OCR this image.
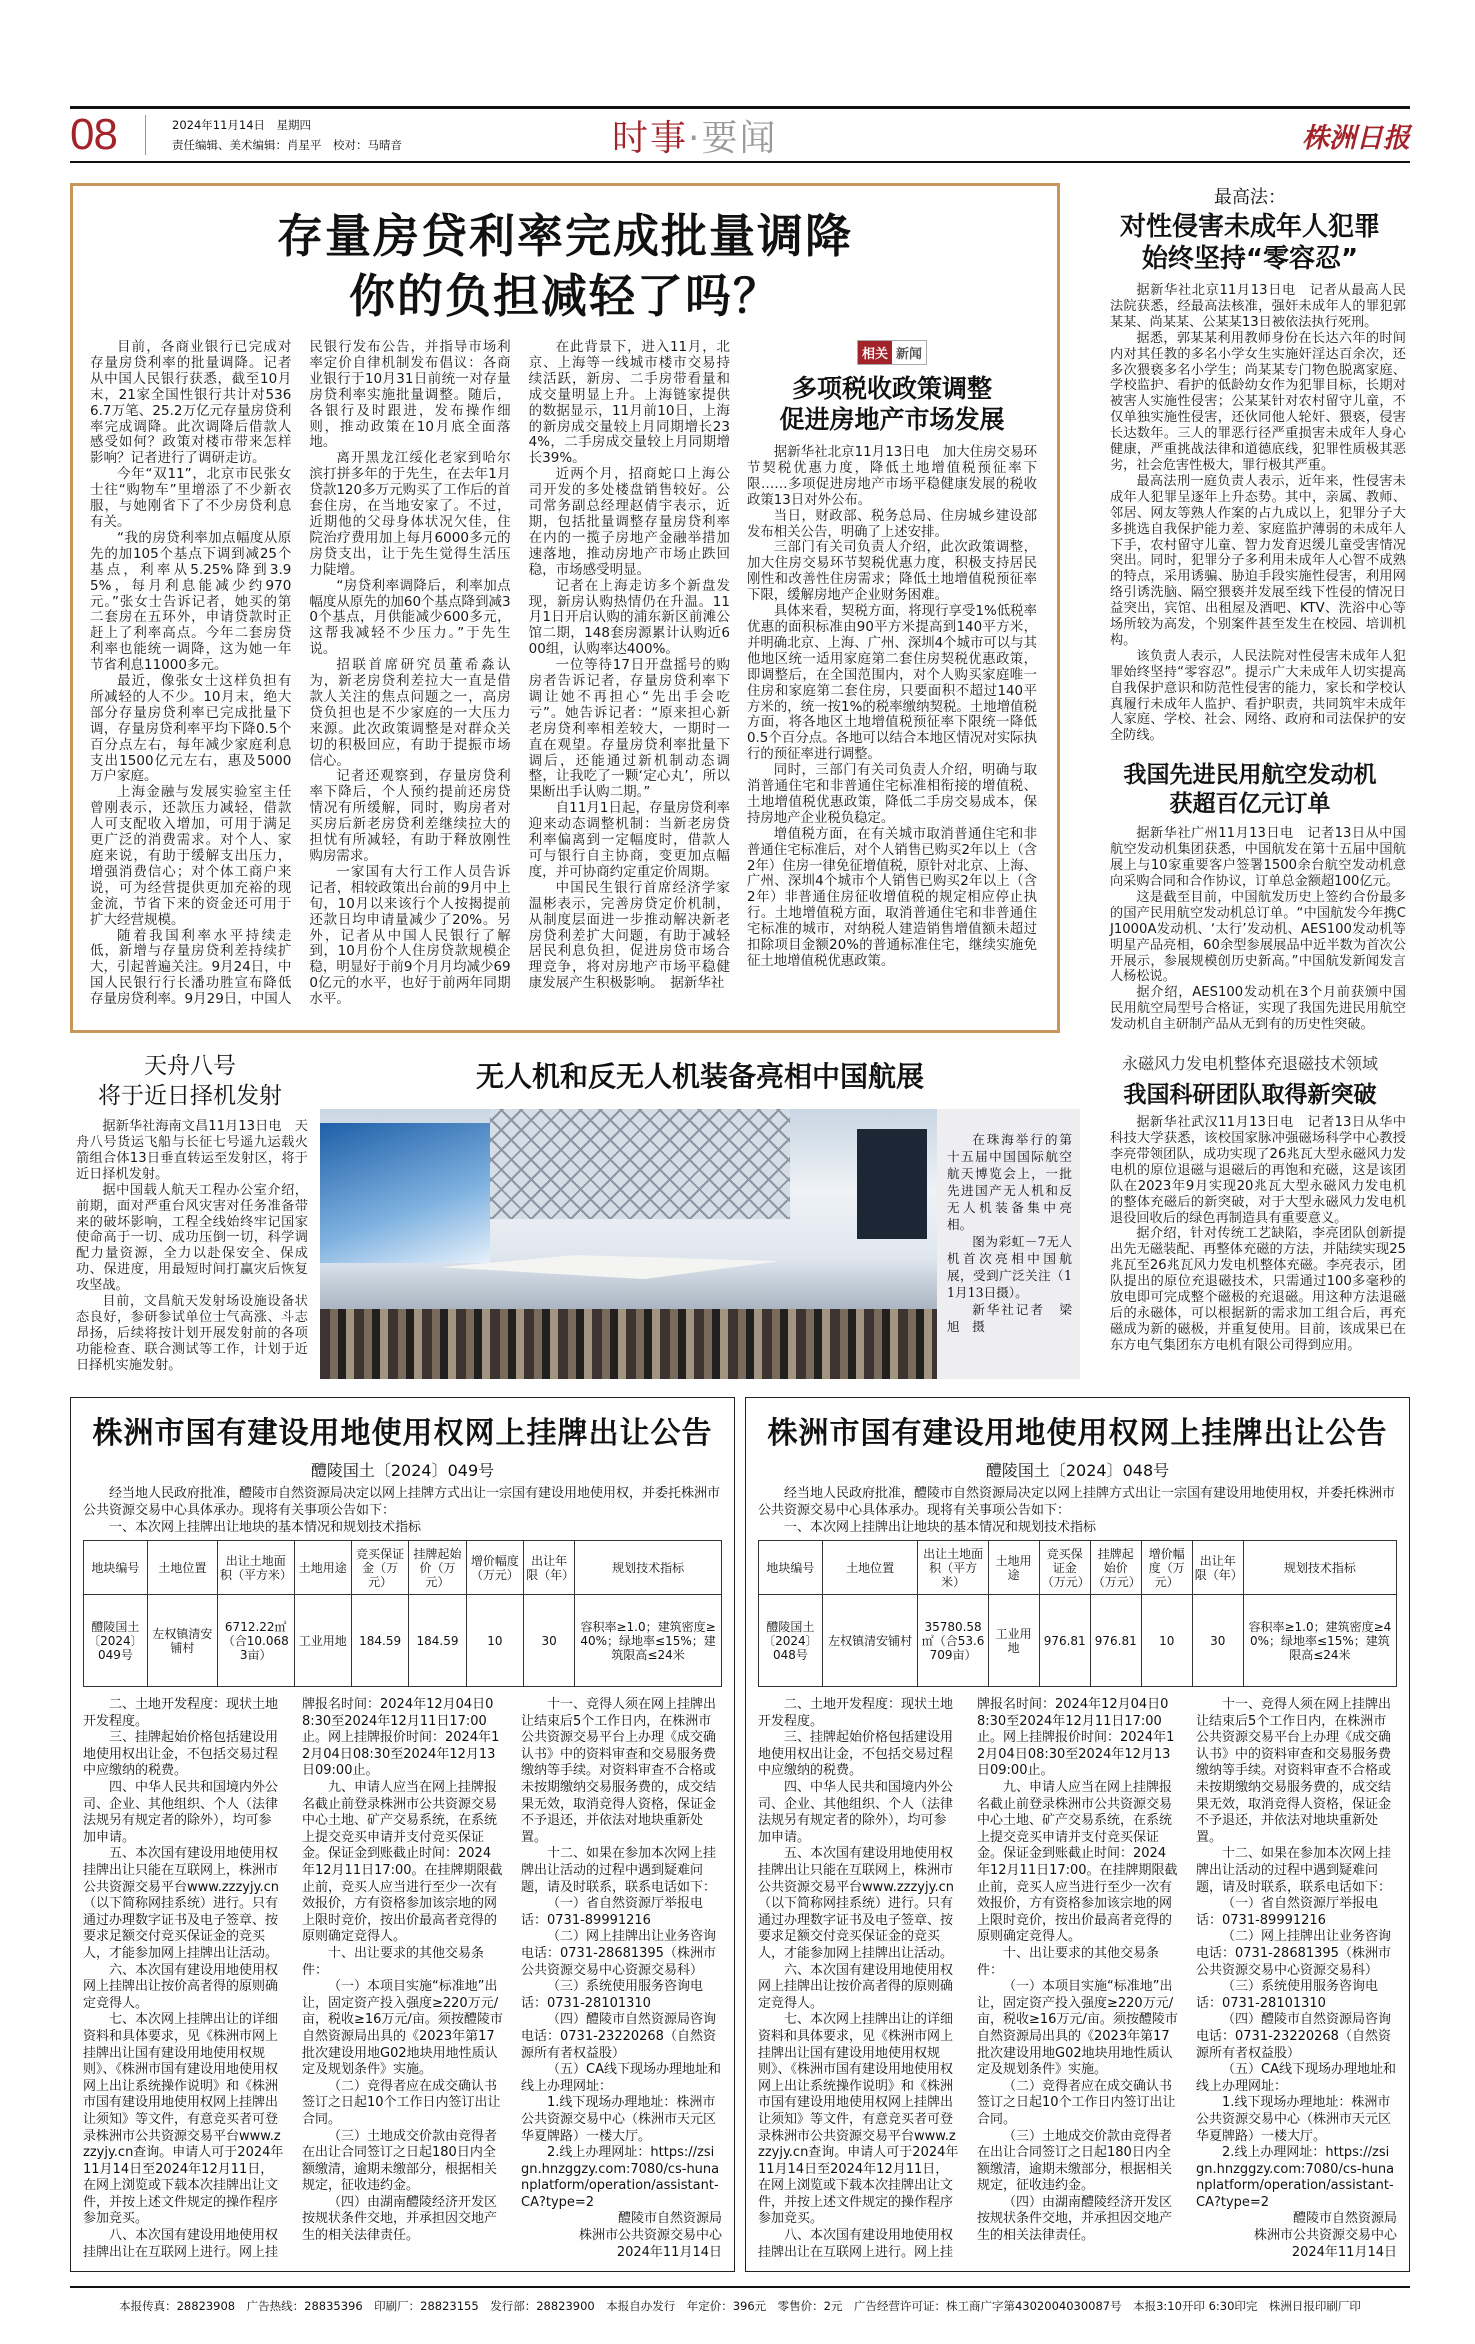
08	2024年11月14日　星期四
责任编辑、美术编辑：肖星平　校对：马晴音	时事·要闻	株洲日报
存量房贷利率完成批量调降
你的负担减轻了吗？

目前，各商业银行已完成对存量房贷利率的批量调降。记者从中国人民银行获悉，截至10月末，21家全国性银行共计对5366.7万笔、25.2万亿元存量房贷利率完成调降。此次调降后借款人感受如何？政策对楼市带来怎样影响？记者进行了调研走访。

今年“双11”，北京市民张女士往“购物车”里增添了不少新衣服，与她刚省下了不少房贷利息有关。

“我的房贷利率加点幅度从原先的加105个基点下调到减25个基点，利率从5.25%降到3.95%，每月利息能减少约970元。”张女士告诉记者，她买的第二套房在五环外，申请贷款时正赶上了利率高点。今年二套房贷利率也能统一调降，这为她一年节省利息11000多元。

最近，像张女士这样负担有所减轻的人不少。10月末，绝大部分存量房贷利率已完成批量下调，存量房贷利率平均下降0.5个百分点左右，每年减少家庭利息支出1500亿元左右，惠及5000万户家庭。

上海金融与发展实验室主任曾刚表示，还款压力减轻，借款人可支配收入增加，可用于满足更广泛的消费需求。对个人、家庭来说，有助于缓解支出压力，增强消费信心；对个体工商户来说，可为经营提供更加充裕的现金流，节省下来的资金还可用于扩大经营规模。

随着我国利率水平持续走低，新增与存量房贷利差持续扩大，引起普遍关注。9月24日，中国人民银行行长潘功胜宣布降低存量房贷利率。9月29日，中国人民银行发布公告，并指导市场利率定价自律机制发布倡议：各商业银行于10月31日前统一对存量房贷利率实施批量调整。随后，各银行及时跟进，发布操作细则，推动政策在10月底全面落地。

离开黑龙江绥化老家到哈尔滨打拼多年的于先生，在去年1月贷款120多万元购买了工作后的首套住房，在当地安家了。不过，近期他的父母身体状况欠佳，住院治疗费用加上每月6000多元的房贷支出，让于先生觉得生活压力陡增。

“房贷利率调降后，利率加点幅度从原先的加60个基点降到减30个基点，月供能减少600多元，这帮我减轻不少压力。”于先生说。

招联首席研究员董希淼认为，新老房贷利差拉大一直是借款人关注的焦点问题之一，高房贷负担也是不少家庭的一大压力来源。此次政策调整是对群众关切的积极回应，有助于提振市场信心。

记者还观察到，存量房贷利率下降后，个人预约提前还房贷情况有所缓解，同时，购房者对买房后新老房贷利差继续拉大的担忧有所减轻，有助于释放刚性购房需求。

一家国有大行工作人员告诉记者，相较政策出台前的9月中上旬，10月以来该行个人按揭提前还款日均申请量减少了20%。另外，记者从中国人民银行了解到，10月份个人住房贷款规模企稳，明显好于前9个月月均减少690亿元的水平，也好于前两年同期水平。

在此背景下，进入11月，北京、上海等一线城市楼市交易持续活跃，新房、二手房带看量和成交量明显上升。上海链家提供的数据显示，11月前10日，上海的新房成交量较上月同期增长234%，二手房成交量较上月同期增长39%。

近两个月，招商蛇口上海公司开发的多处楼盘销售较好。公司常务副总经理赵倩宇表示，近期，包括批量调整存量房贷利率在内的一揽子房地产金融举措加速落地，推动房地产市场止跌回稳，市场感受明显。

记者在上海走访多个新盘发现，新房认购热情仍在升温。11月1日开启认购的浦东新区前滩公馆二期，148套房源累计认购近600组，认购率达400%。

一位等待17日开盘摇号的购房者告诉记者，存量房贷利率下调让她不再担心“先出手会吃亏”。她告诉记者：“原来担心新老房贷利率相差较大，一期时一直在观望。存量房贷利率批量下调后，还能通过新机制动态调整，让我吃了一颗‘定心丸’，所以果断出手认购二期。”

自11月1日起，存量房贷利率迎来动态调整机制：当新老房贷利率偏离到一定幅度时，借款人可与银行自主协商，变更加点幅度，并可协商约定重定价周期。

中国民生银行首席经济学家温彬表示，完善房贷定价机制，从制度层面进一步推动解决新老房贷利差扩大问题，有助于减轻居民利息负担，促进房贷市场合理竞争，将对房地产市场平稳健康发展产生积极影响。　据新华社

相关 新闻
多项税收政策调整
促进房地产市场发展

据新华社北京11月13日电　加大住房交易环节契税优惠力度，降低土地增值税预征率下限……多项促进房地产市场平稳健康发展的税收政策13日对外公布。

当日，财政部、税务总局、住房城乡建设部发布相关公告，明确了上述安排。

三部门有关司负责人介绍，此次政策调整，加大住房交易环节契税优惠力度，积极支持居民刚性和改善性住房需求；降低土地增值税预征率下限，缓解房地产企业财务困难。

具体来看，契税方面，将现行享受1%低税率优惠的面积标准由90平方米提高到140平方米，并明确北京、上海、广州、深圳4个城市可以与其他地区统一适用家庭第二套住房契税优惠政策，即调整后，在全国范围内，对个人购买家庭唯一住房和家庭第二套住房，只要面积不超过140平方米的，统一按1%的税率缴纳契税。土地增值税方面，将各地区土地增值税预征率下限统一降低0.5个百分点。各地可以结合本地区情况对实际执行的预征率进行调整。

同时，三部门有关司负责人介绍，明确与取消普通住宅和非普通住宅标准相衔接的增值税、土地增值税优惠政策，降低二手房交易成本，保持房地产企业税负稳定。

增值税方面，在有关城市取消普通住宅和非普通住宅标准后，对个人销售已购买2年以上（含2年）住房一律免征增值税，原针对北京、上海、广州、深圳4个城市个人销售已购买2年以上（含2年）非普通住房征收增值税的规定相应停止执行。土地增值税方面，取消普通住宅和非普通住宅标准的城市，对纳税人建造销售增值额未超过扣除项目金额20%的普通标准住宅，继续实施免征土地增值税优惠政策。

最高法：
对性侵害未成年人犯罪
始终坚持“零容忍”

据新华社北京11月13日电　记者从最高人民法院获悉，经最高法核准，强奸未成年人的罪犯郭某某、尚某某、公某某13日被依法执行死刑。

据悉，郭某某利用教师身份在长达六年的时间内对其任教的多名小学女生实施奸淫达百余次，还多次猥亵多名小学生；尚某某专门物色脱离家庭、学校监护、看护的低龄幼女作为犯罪目标，长期对被害人实施性侵害；公某某针对农村留守儿童，不仅单独实施性侵害，还伙同他人轮奸、猥亵，侵害长达数年。三人的罪恶行径严重损害未成年人身心健康，严重挑战法律和道德底线，犯罪性质极其恶劣，社会危害性极大，罪行极其严重。

最高法刑一庭负责人表示，近年来，性侵害未成年人犯罪呈逐年上升态势。其中，亲属、教师、邻居、网友等熟人作案的占九成以上，犯罪分子大多挑选自我保护能力差、家庭监护薄弱的未成年人下手，农村留守儿童、智力发育迟缓儿童受害情况突出。同时，犯罪分子多利用未成年人心智不成熟的特点，采用诱骗、胁迫手段实施性侵害，利用网络引诱洗脑、隔空猥亵并发展至线下性侵的情况日益突出，宾馆、出租屋及酒吧、KTV、洗浴中心等场所较为高发，个别案件甚至发生在校园、培训机构。

该负责人表示，人民法院对性侵害未成年人犯罪始终坚持“零容忍”。提示广大未成年人切实提高自我保护意识和防范性侵害的能力，家长和学校认真履行未成年人监护、看护职责，共同筑牢未成年人家庭、学校、社会、网络、政府和司法保护的安全防线。

我国先进民用航空发动机
获超百亿元订单

据新华社广州11月13日电　记者13日从中国航空发动机集团获悉，中国航发在第十五届中国航展上与10家重要客户签署1500余台航空发动机意向采购合同和合作协议，订单总金额超100亿元。

这是截至目前，中国航发历史上签约合份最多的国产民用航空发动机总订单。“中国航发今年携CJ1000A发动机、‘太行’发动机、AES100发动机等明星产品亮相，60余型参展展品中近半数为首次公开展示，参展规模创历史新高。”中国航发新闻发言人杨松说。

据介绍，AES100发动机在3个月前获颁中国民用航空局型号合格证，实现了我国先进民用航空发动机自主研制产品从无到有的历史性突破。

天舟八号
将于近日择机发射

据新华社海南文昌11月13日电　天舟八号货运飞船与长征七号遥九运载火箭组合体13日垂直转运至发射区，将于近日择机发射。

据中国载人航天工程办公室介绍，前期，面对严重台风灾害对任务准备带来的破坏影响，工程全线始终牢记国家使命高于一切、成功压倒一切，科学调配力量资源，全力以赴保安全、保成功、保进度，用最短时间打赢灾后恢复攻坚战。

目前，文昌航天发射场设施设备状态良好，参研参试单位士气高涨、斗志昂扬，后续将按计划开展发射前的各项功能检查、联合测试等工作，计划于近日择机实施发射。

无人机和反无人机装备亮相中国航展

在珠海举行的第十五届中国国际航空航天博览会上，一批先进国产无人机和反无人机装备集中亮相。

图为彩虹－7无人机首次亮相中国航展，受到广泛关注（11月13日摄）。

新华社记者　梁旭　摄

永磁风力发电机整体充退磁技术领域
我国科研团队取得新突破

据新华社武汉11月13日电　记者13日从华中科技大学获悉，该校国家脉冲强磁场科学中心教授李亮带领团队，成功实现了26兆瓦大型永磁风力发电机的原位退磁与退磁后的再饱和充磁，这是该团队在2023年9月实现20兆瓦大型永磁风力发电机的整体充磁后的新突破，对于大型永磁风力发电机退役回收后的绿色再制造具有重要意义。

据介绍，针对传统工艺缺陷，李亮团队创新提出先无磁装配、再整体充磁的方法，并陆续实现25兆瓦至26兆瓦风力发电机整体充磁。李亮表示，团队提出的原位充退磁技术，只需通过100多毫秒的放电即可完成整个磁极的充退磁。用这种方法退磁后的永磁体，可以根据新的需求加工组合后，再充磁成为新的磁极，并重复使用。目前，该成果已在东方电气集团东方电机有限公司得到应用。

株洲市国有建设用地使用权网上挂牌出让公告
醴陵国土〔2024〕049号

经当地人民政府批准，醴陵市自然资源局决定以网上挂牌方式出让一宗国有建设用地使用权，并委托株洲市公共资源交易中心具体承办。现将有关事项公告如下：

一、本次网上挂牌出让地块的基本情况和规划技术指标

地块编号	土地位置	出让土地面积（平方米）	土地用途	竞买保证金（万元）	挂牌起始价（万元）	增价幅度（万元）	出让年限（年）	规划技术指标
醴陵国土〔2024〕049号	左权镇清安铺村	6712.22㎡（合10.0683亩）	工业用地	184.59	184.59	10	30	容积率≥1.0；建筑密度≥40%；绿地率≤15%；建筑限高≤24米

二、土地开发程度：现状土地开发程度。

三、挂牌起始价格包括建设用地使用权出让金，不包括交易过程中应缴纳的税费。

四、中华人民共和国境内外公司、企业、其他组织、个人（法律法规另有规定者的除外），均可参加申请。

五、本次国有建设用地使用权挂牌出让只能在互联网上，株洲市公共资源交易平台www.zzzyjy.cn（以下简称网挂系统）进行。只有通过办理数字证书及电子签章、按要求足额交付竞买保证金的竞买人，才能参加网上挂牌出让活动。

六、本次国有建设用地使用权网上挂牌出让按价高者得的原则确定竞得人。

七、本次网上挂牌出让的详细资料和具体要求，见《株洲市网上挂牌出让国有建设用地使用权规则》、《株洲市国有建设用地使用权网上出让系统操作说明》和《株洲市国有建设用地使用权网上挂牌出让须知》等文件，有意竞买者可登录株洲市公共资源交易平台www.zzzyjy.cn查询。申请人可于2024年11月14日至2024年12月11日，在网上浏览或下载本次挂牌出让文件，并按上述文件规定的操作程序参加竞买。

八、本次国有建设用地使用权挂牌出让在互联网上进行。网上挂牌报名时间：2024年12月04日08:30至2024年12月11日17:00止。网上挂牌报价时间：2024年12月04日08:30至2024年12月13日09:00止。

九、申请人应当在网上挂牌报名截止前登录株洲市公共资源交易中心土地、矿产交易系统，在系统上提交竞买申请并支付竞买保证金。保证金到账截止时间：2024年12月11日17:00。在挂牌期限截止前，竞买人应当进行至少一次有效报价，方有资格参加该宗地的网上限时竞价，按出价最高者竞得的原则确定竞得人。

十、出让要求的其他交易条件：

（一）本项目实施“标准地”出让，固定资产投入强度≥220万元/亩，税收≥16万元/亩。须按醴陵市自然资源局出具的《2023年第17批次建设用地G02地块用地性质认定及规划条件》实施。

（二）竞得者应在成交确认书签订之日起10个工作日内签订出让合同。

（三）土地成交价款由竞得者在出让合同签订之日起180日内全额缴清，逾期未缴部分，根据相关规定，征收违约金。

（四）由湖南醴陵经济开发区按规状条件交地，并承担因交地产生的相关法律责任。

十一、竞得人须在网上挂牌出让结束后5个工作日内，在株洲市公共资源交易平台上办理《成交确认书》中的资料审查和交易服务费缴纳等手续。对资料审查不合格或未按期缴纳交易服务费的，成交结果无效，取消竞得人资格，保证金不予退还，并依法对地块重新处置。

十二、如果在参加本次网上挂牌出让活动的过程中遇到疑难问题，请及时联系，联系电话如下：

（一）省自然资源厅举报电话：0731-89991216

（二）网上挂牌出让业务咨询电话：0731-28681395（株洲市公共资源交易中心资源交易科）

（三）系统使用服务咨询电话：0731-28101310

（四）醴陵市自然资源局咨询电话：0731-23220268（自然资源所有者权益股）

（五）CA线下现场办理地址和线上办理网址：

1.线下现场办理地址：株洲市公共资源交易中心（株洲市天元区华夏牌路）一楼大厅。

2.线上办理网址：https://zsign.hnzggzy.com:7080/cs-hunanplatform/operation/assistant-CA?type=2

醴陵市自然资源局
株洲市公共资源交易中心
2024年11月14日
株洲市国有建设用地使用权网上挂牌出让公告
醴陵国土〔2024〕048号

经当地人民政府批准，醴陵市自然资源局决定以网上挂牌方式出让一宗国有建设用地使用权，并委托株洲市公共资源交易中心具体承办。现将有关事项公告如下：

一、本次网上挂牌出让地块的基本情况和规划技术指标

地块编号	土地位置	出让土地面积（平方米）	土地用途	竞买保证金（万元）	挂牌起始价（万元）	增价幅度（万元）	出让年限（年）	规划技术指标
醴陵国土〔2024〕048号	左权镇清安铺村	35780.58㎡（合53.6709亩）	工业用地	976.81	976.81	10	30	容积率≥1.0；建筑密度≥40%；绿地率≤15%；建筑限高≤24米

二、土地开发程度：现状土地开发程度。

三、挂牌起始价格包括建设用地使用权出让金，不包括交易过程中应缴纳的税费。

四、中华人民共和国境内外公司、企业、其他组织、个人（法律法规另有规定者的除外），均可参加申请。

五、本次国有建设用地使用权挂牌出让只能在互联网上，株洲市公共资源交易平台www.zzzyjy.cn（以下简称网挂系统）进行。只有通过办理数字证书及电子签章、按要求足额交付竞买保证金的竞买人，才能参加网上挂牌出让活动。

六、本次国有建设用地使用权网上挂牌出让按价高者得的原则确定竞得人。

七、本次网上挂牌出让的详细资料和具体要求，见《株洲市网上挂牌出让国有建设用地使用权规则》、《株洲市国有建设用地使用权网上出让系统操作说明》和《株洲市国有建设用地使用权网上挂牌出让须知》等文件，有意竞买者可登录株洲市公共资源交易平台www.zzzyjy.cn查询。申请人可于2024年11月14日至2024年12月11日，在网上浏览或下载本次挂牌出让文件，并按上述文件规定的操作程序参加竞买。

八、本次国有建设用地使用权挂牌出让在互联网上进行。网上挂牌报名时间：2024年12月04日08:30至2024年12月11日17:00止。网上挂牌报价时间：2024年12月04日08:30至2024年12月13日09:00止。

九、申请人应当在网上挂牌报名截止前登录株洲市公共资源交易中心土地、矿产交易系统，在系统上提交竞买申请并支付竞买保证金。保证金到账截止时间：2024年12月11日17:00。在挂牌期限截止前，竞买人应当进行至少一次有效报价，方有资格参加该宗地的网上限时竞价，按出价最高者竞得的原则确定竞得人。

十、出让要求的其他交易条件：

（一）本项目实施“标准地”出让，固定资产投入强度≥220万元/亩，税收≥16万元/亩。须按醴陵市自然资源局出具的《2023年第17批次建设用地G02地块用地性质认定及规划条件》实施。

（二）竞得者应在成交确认书签订之日起10个工作日内签订出让合同。

（三）土地成交价款由竞得者在出让合同签订之日起180日内全额缴清，逾期未缴部分，根据相关规定，征收违约金。

（四）由湖南醴陵经济开发区按规状条件交地，并承担因交地产生的相关法律责任。

十一、竞得人须在网上挂牌出让结束后5个工作日内，在株洲市公共资源交易平台上办理《成交确认书》中的资料审查和交易服务费缴纳等手续。对资料审查不合格或未按期缴纳交易服务费的，成交结果无效，取消竞得人资格，保证金不予退还，并依法对地块重新处置。

十二、如果在参加本次网上挂牌出让活动的过程中遇到疑难问题，请及时联系，联系电话如下：

（一）省自然资源厅举报电话：0731-89991216

（二）网上挂牌出让业务咨询电话：0731-28681395（株洲市公共资源交易中心资源交易科）

（三）系统使用服务咨询电话：0731-28101310

（四）醴陵市自然资源局咨询电话：0731-23220268（自然资源所有者权益股）

（五）CA线下现场办理地址和线上办理网址：

1.线下现场办理地址：株洲市公共资源交易中心（株洲市天元区华夏牌路）一楼大厅。

2.线上办理网址：https://zsign.hnzggzy.com:7080/cs-hunanplatform/operation/assistant-CA?type=2

醴陵市自然资源局
株洲市公共资源交易中心
2024年11月14日
本报传真：28823908　广告热线：28835396　印刷厂：28823155　发行部：28823900　本报自办发行　年定价：396元　零售价：2元　广告经营许可证：株工商广字第4302004030087号　本报3:10开印 6:30印完　株洲日报印刷厂印
